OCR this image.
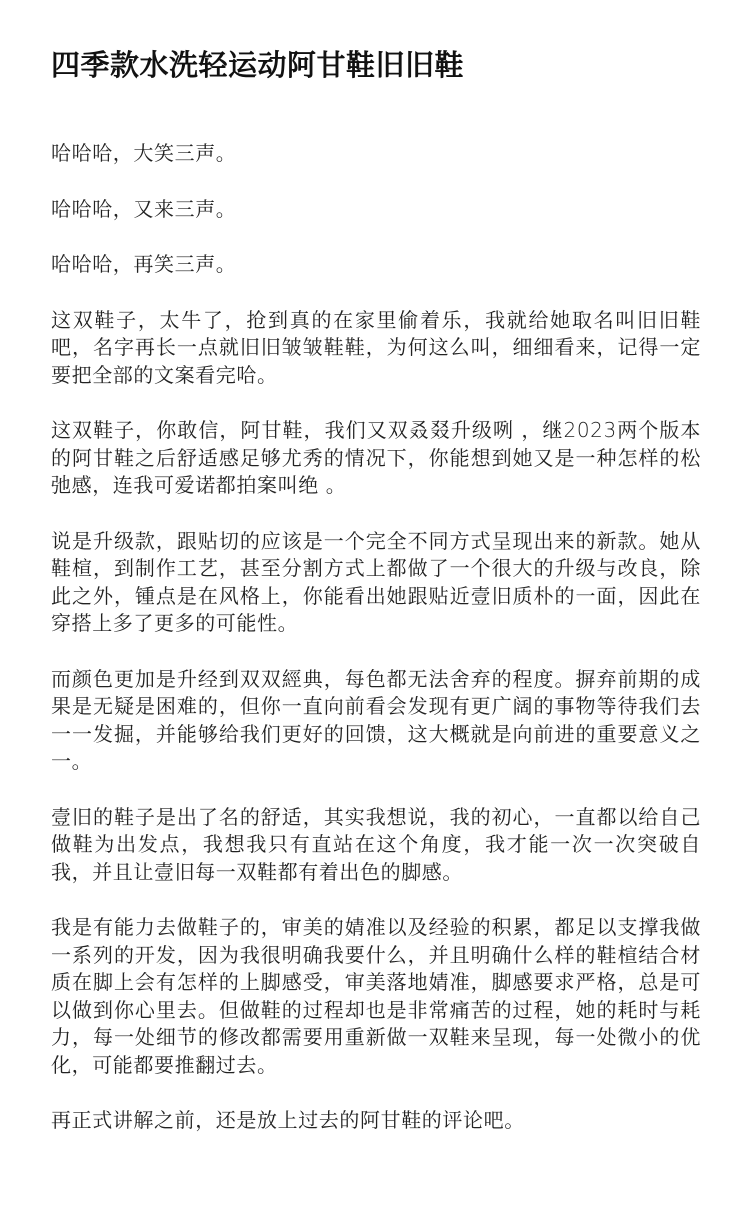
四季款水洗轻运动阿甘鞋旧旧鞋

哈哈哈，大笑三声。

哈哈哈，又来三声。

哈哈哈，再笑三声。

这双鞋子，太牛了，抢到真的在家里偷着乐，我就给她取名叫旧旧鞋吧，名字再长一点就旧旧皱皱鞋鞋，为何这么叫，细细看来，记得一定要把全部的文案看完哈。

这双鞋子，你敢信，阿甘鞋，我们又双叒叕升级咧 ，继2023两个版本的阿甘鞋之后舒适感足够尤秀的情况下，你能想到她又是一种怎样的松弛感，连我可爱诺都拍案叫绝 。

说是升级款，跟贴切的应该是一个完全不同方式呈现出来的新款。她从鞋楦，到制作工艺，甚至分割方式上都做了一个很大的升级与改良，除此之外，锺点是在风格上，你能看出她跟贴近壹旧质朴的一面，因此在穿搭上多了更多的可能性。

而颜色更加是升经到双双經典，每色都无法舍弃的程度。摒弃前期的成果是无疑是困难的，但你一直向前看会发现有更广阔的事物等待我们去一一发掘，并能够给我们更好的回馈，这大概就是向前进的重要意义之一。

壹旧的鞋子是出了名的舒适，其实我想说，我的初心，一直都以给自己做鞋为出发点，我想我只有直站在这个角度，我才能一次一次突破自我，并且让壹旧每一双鞋都有着出色的脚感。

我是有能力去做鞋子的，审美的婧准以及经验的积累，都足以支撑我做一系列的开发，因为我很明确我要什么，并且明确什么样的鞋楦结合材质在脚上会有怎样的上脚感受，审美落地婧准，脚感要求严格，总是可以做到你心里去。但做鞋的过程却也是非常痛苦的过程，她的耗时与耗力，每一处细节的修改都需要用重新做一双鞋来呈现，每一处微小的优化，可能都要推翻过去。

再正式讲解之前，还是放上过去的阿甘鞋的评论吧。
